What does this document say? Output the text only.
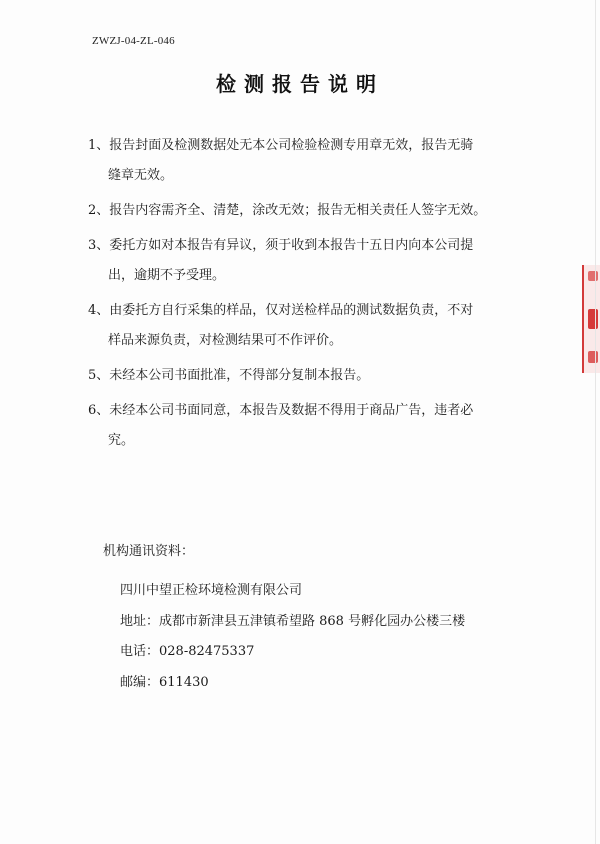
ZWZJ-04-ZL-046
检测报告说明
1、报告封面及检测数据处无本公司检验检测专用章无效，报告无骑
缝章无效。
2、报告内容需齐全、清楚，涂改无效；报告无相关责任人签字无效。
3、委托方如对本报告有异议，须于收到本报告十五日内向本公司提
出，逾期不予受理。
4、由委托方自行采集的样品，仅对送检样品的测试数据负责，不对
样品来源负责，对检测结果可不作评价。
5、未经本公司书面批准，不得部分复制本报告。
6、未经本公司书面同意，本报告及数据不得用于商品广告，违者必
究。
机构通讯资料：
四川中望正检环境检测有限公司
地址：成都市新津县五津镇希望路 868 号孵化园办公楼三楼
电话：028-82475337
邮编：611430
